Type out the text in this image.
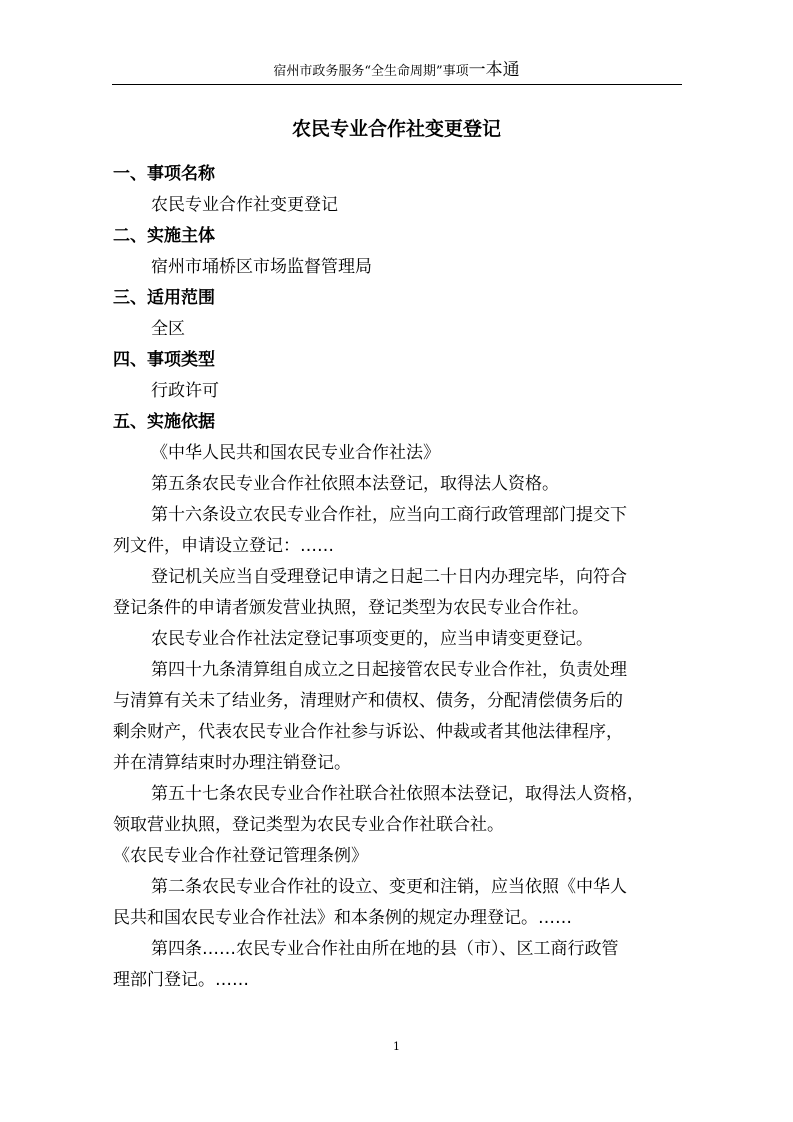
宿州市政务服务“全生命周期”事项一本通
农民专业合作社变更登记

一、事项名称

农民专业合作社变更登记

二、实施主体

宿州市埇桥区市场监督管理局

三、适用范围

全区

四、事项类型

行政许可

五、实施依据

《中华人民共和国农民专业合作社法》

第五条农民专业合作社依照本法登记，取得法人资格。

第十六条设立农民专业合作社，应当向工商行政管理部门提交下

列文件，申请设立登记：……

登记机关应当自受理登记申请之日起二十日内办理完毕，向符合

登记条件的申请者颁发营业执照，登记类型为农民专业合作社。

农民专业合作社法定登记事项变更的，应当申请变更登记。

第四十九条清算组自成立之日起接管农民专业合作社，负责处理

与清算有关未了结业务，清理财产和债权、债务，分配清偿债务后的

剩余财产，代表农民专业合作社参与诉讼、仲裁或者其他法律程序，

并在清算结束时办理注销登记。

第五十七条农民专业合作社联合社依照本法登记，取得法人资格，

领取营业执照，登记类型为农民专业合作社联合社。

《农民专业合作社登记管理条例》

第二条农民专业合作社的设立、变更和注销，应当依照《中华人

民共和国农民专业合作社法》和本条例的规定办理登记。……

第四条……农民专业合作社由所在地的县（市）、区工商行政管

理部门登记。……

1
